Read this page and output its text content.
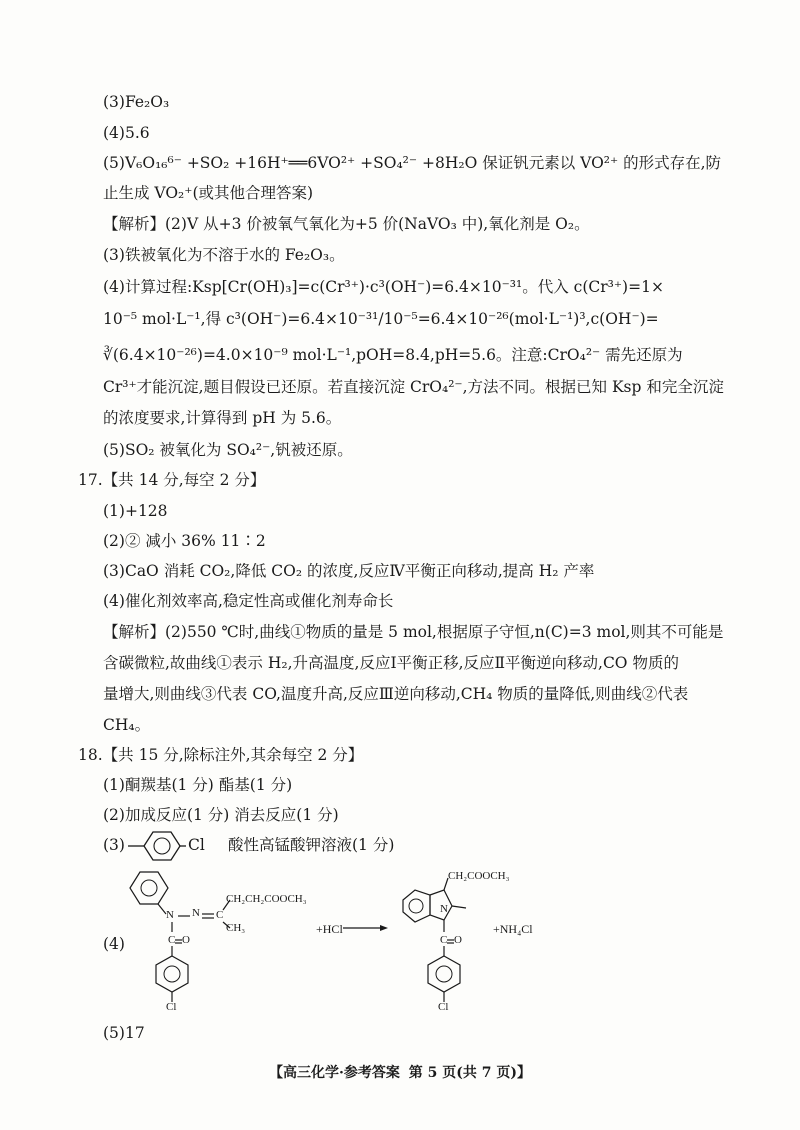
(3)Fe₂O₃
(4)5.6
(5)V₆O₁₆⁶⁻ +SO₂ +16H⁺══6VO²⁺ +SO₄²⁻ +8H₂O 保证钒元素以 VO²⁺ 的形式存在,防
止生成 VO₂⁺(或其他合理答案)
【解析】(2)V 从+3 价被氧气氧化为+5 价(NaVO₃ 中),氧化剂是 O₂。
(3)铁被氧化为不溶于水的 Fe₂O₃。
(4)计算过程:Ksp[Cr(OH)₃]=c(Cr³⁺)·c³(OH⁻)=6.4×10⁻³¹。代入 c(Cr³⁺)=1×
10⁻⁵ mol·L⁻¹,得 c³(OH⁻)=6.4×10⁻³¹/10⁻⁵=6.4×10⁻²⁶(mol·L⁻¹)³,c(OH⁻)=
∛(6.4×10⁻²⁶)=4.0×10⁻⁹ mol·L⁻¹,pOH=8.4,pH=5.6。注意:CrO₄²⁻ 需先还原为
Cr³⁺才能沉淀,题目假设已还原。若直接沉淀 CrO₄²⁻,方法不同。根据已知 Ksp 和完全沉淀
的浓度要求,计算得到 pH 为 5.6。
(5)SO₂ 被氧化为 SO₄²⁻,钒被还原。
17.【共 14 分,每空 2 分】
(1)+128
(2)② 减小 36% 11∶2
(3)CaO 消耗 CO₂,降低 CO₂ 的浓度,反应Ⅳ平衡正向移动,提高 H₂ 产率
(4)催化剂效率高,稳定性高或催化剂寿命长
【解析】(2)550 ℃时,曲线①物质的量是 5 mol,根据原子守恒,n(C)=3 mol,则其不可能是
含碳微粒,故曲线①表示 H₂,升高温度,反应Ⅰ平衡正移,反应Ⅱ平衡逆向移动,CO 物质的
量增大,则曲线③代表 CO,温度升高,反应Ⅲ逆向移动,CH₄ 物质的量降低,则曲线②代表
CH₄。
18.【共 15 分,除标注外,其余每空 2 分】
(1)酮羰基(1 分) 酯基(1 分)
(2)加成反应(1 分) 消去反应(1 分)
(3)	Cl 酸性高锰酸钾溶液(1 分)
(4)
N N C
CH₂CH₂COOCH₃
CH₃
C O
Cl
+HCl
CH₂COOCH₃
N
C O
Cl
+NH₄Cl
(5)17
【高三化学·参考答案 第 5 页(共 7 页)】
